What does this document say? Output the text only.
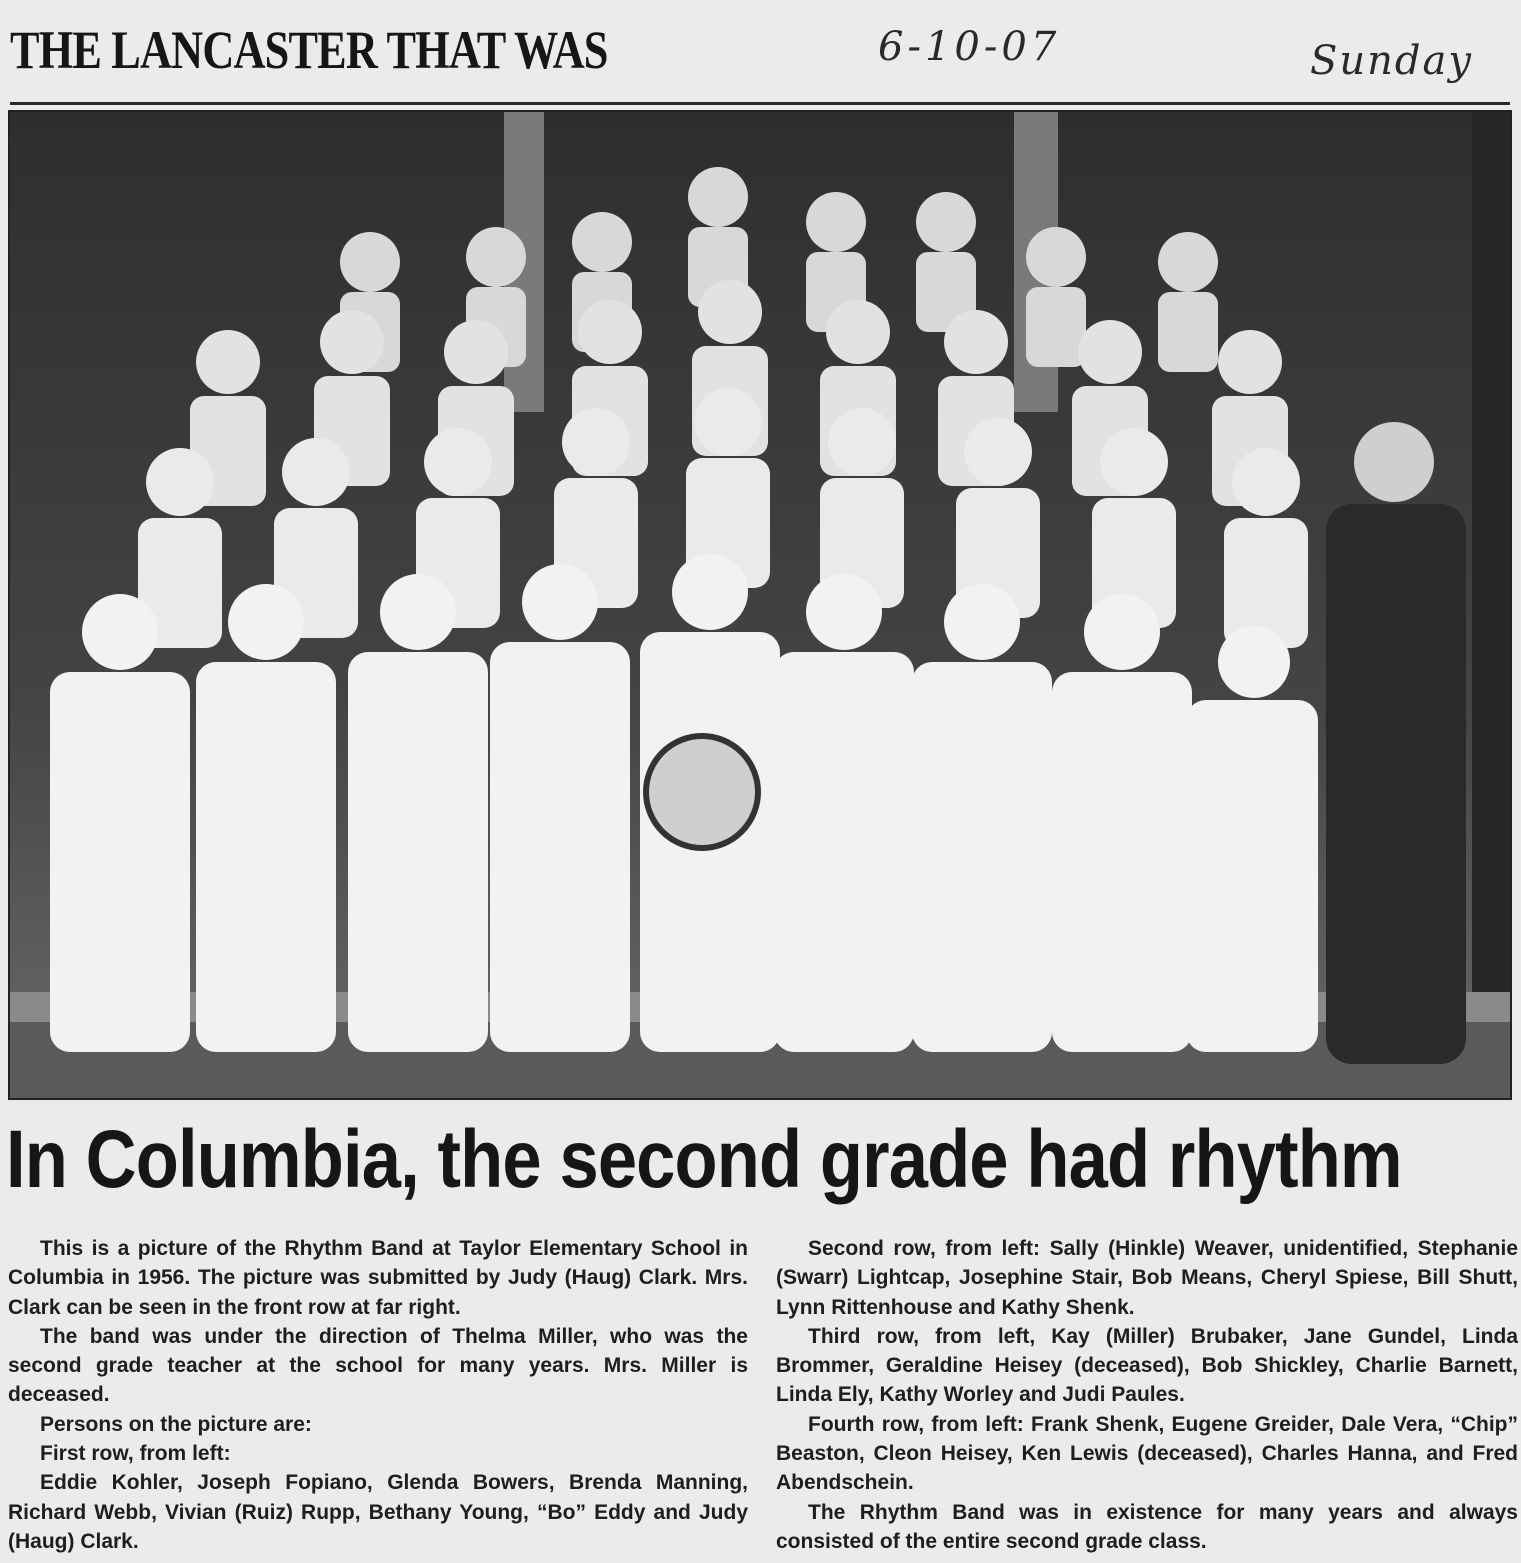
THE LANCASTER THAT WAS	6-10-07	Sunday
In Columbia, the second grade had rhythm

This is a picture of the Rhythm Band at Taylor Elementary School in Columbia in 1956. The picture was submitted by Judy (Haug) Clark. Mrs. Clark can be seen in the front row at far right.

The band was under the direction of Thelma Miller, who was the second grade teacher at the school for many years. Mrs. Miller is deceased.

Persons on the picture are:

First row, from left:

Eddie Kohler, Joseph Fopiano, Glenda Bowers, Brenda Manning, Richard Webb, Vivian (Ruiz) Rupp, Bethany Young, “Bo” Eddy and Judy (Haug) Clark.

Second row, from left: Sally (Hinkle) Weaver, unidentified, Stephanie (Swarr) Lightcap, Josephine Stair, Bob Means, Cheryl Spiese, Bill Shutt, Lynn Rittenhouse and Kathy Shenk.

Third row, from left, Kay (Miller) Brubaker, Jane Gundel, Linda Brommer, Geraldine Heisey (deceased), Bob Shickley, Charlie Barnett, Linda Ely, Kathy Worley and Judi Paules.

Fourth row, from left: Frank Shenk, Eugene Greider, Dale Vera, “Chip” Beaston, Cleon Heisey, Ken Lewis (deceased), Charles Hanna, and Fred Abendschein.

The Rhythm Band was in existence for many years and always consisted of the entire second grade class.
